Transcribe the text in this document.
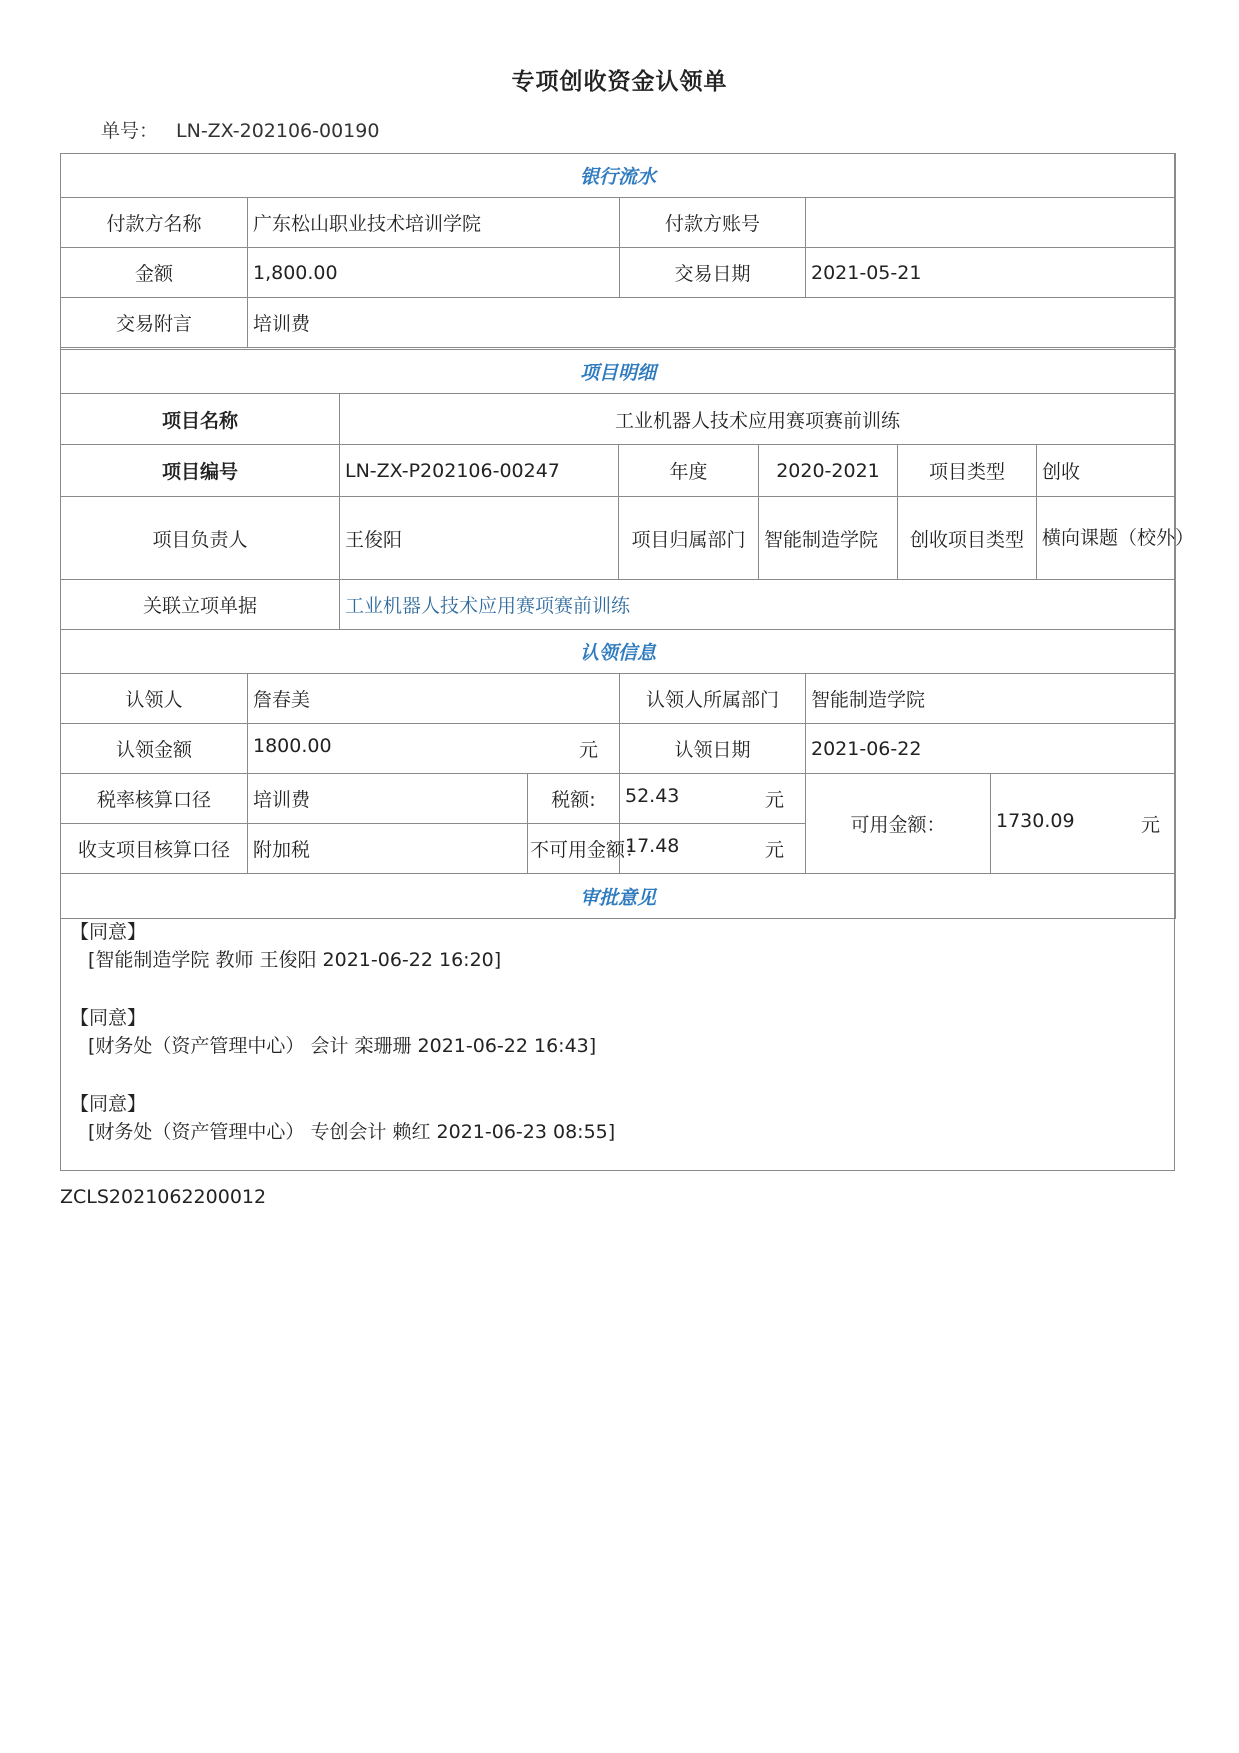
专项创收资金认领单
单号： LN-ZX-202106-00190
银行流水			
付款方名称	广东松山职业技术培训学院	付款方账号	
金额	1,800.00	交易日期	2021-05-21
交易附言	培训费		
项目明细					
项目名称	工业机器人技术应用赛项赛前训练				
项目编号	LN-ZX-P202106-00247	年度	2020-2021	项目类型	创收
项目负责人	王俊阳	项目归属部门	智能制造学院	创收项目类型	横向课题（校外）
关联立项单据	工业机器人技术应用赛项赛前训练				
认领信息					
认领人	詹春美		认领人所属部门	智能制造学院	
认领金额	1800.00 元		认领日期	2021-06-22	
税率核算口径	培训费	税额:	52.43 元	可用金额：	1730.09 元

收支项目核算口径	附加税	不可用金额：	17.48 元		
审批意见
【同意】
[智能制造学院 教师 王俊阳 2021-06-22 16:20]
【同意】
[财务处（资产管理中心） 会计 栾珊珊 2021-06-22 16:43]
【同意】
[财务处（资产管理中心） 专创会计 赖红 2021-06-23 08:55]
ZCLS2021062200012
